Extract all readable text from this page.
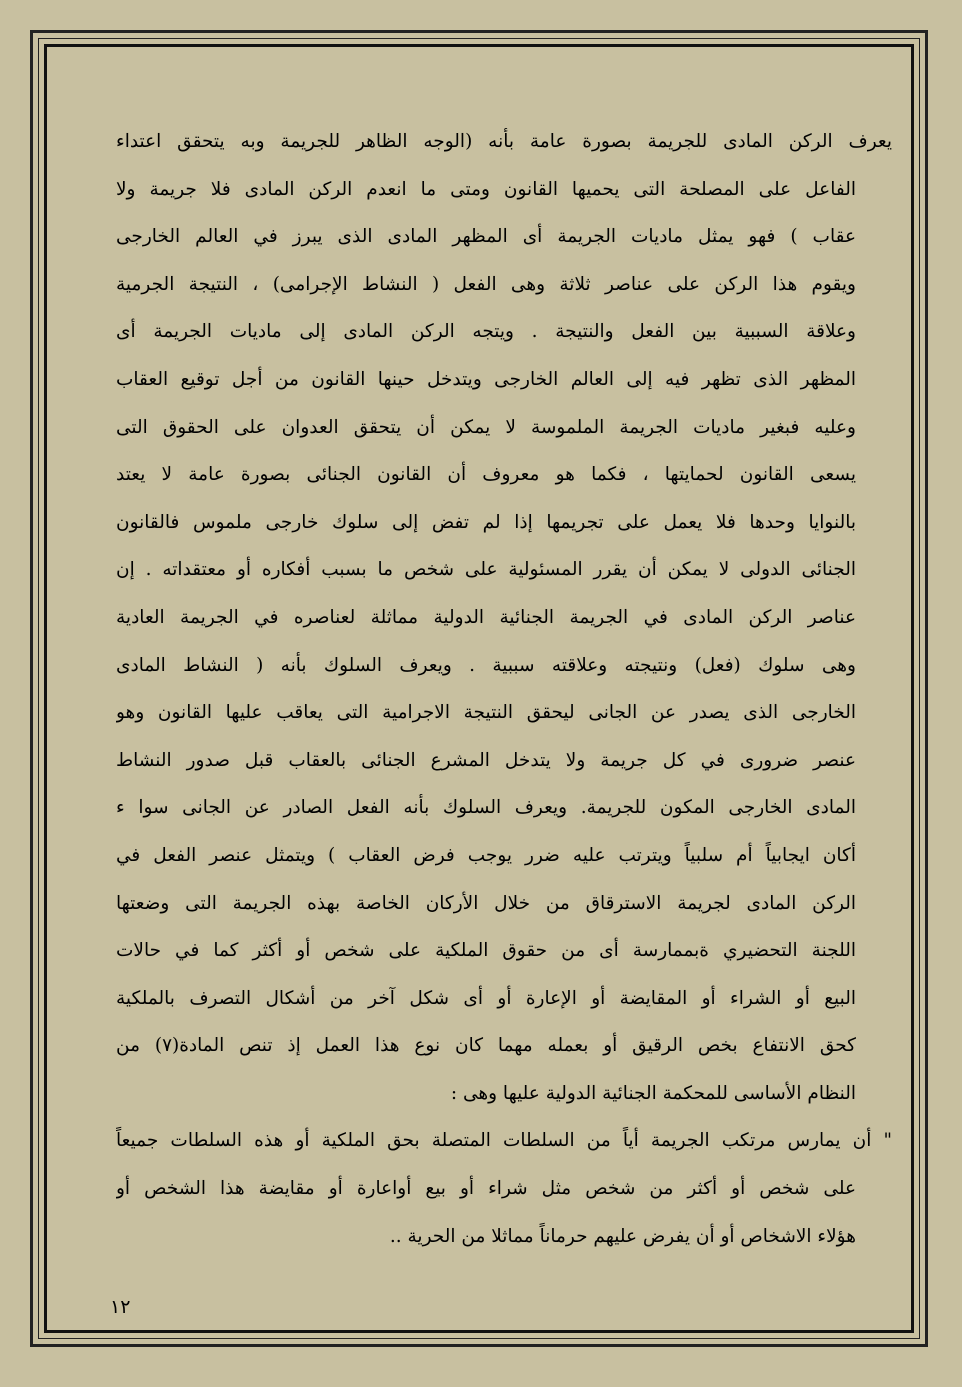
يعرف الركن المادى للجريمة بصورة عامة بأنه (الوجه الظاهر للجريمة وبه يتحقق اعتداء
الفاعل على المصلحة التى يحميها القانون ومتى ما انعدم الركن المادى فلا جريمة ولا
عقاب ) فهو يمثل ماديات الجريمة أى المظهر المادى الذى يبرز في العالم الخارجى
ويقوم هذا الركن على عناصر ثلاثة وهى الفعل ( النشاط الإجرامى) ، النتيجة الجرمية
وعلاقة السببية بين الفعل والنتيجة . ويتجه الركن المادى إلى ماديات الجريمة أى
المظهر الذى تظهر فيه إلى العالم الخارجى ويتدخل حينها القانون من أجل توقيع العقاب
وعليه فبغير ماديات الجريمة الملموسة لا يمكن أن يتحقق العدوان على الحقوق التى
يسعى القانون لحمايتها ، فكما هو معروف أن القانون الجنائى بصورة عامة لا يعتد
بالنوايا وحدها فلا يعمل على تجريمها إذا لم تفض إلى سلوك خارجى ملموس فالقانون
الجنائى الدولى لا يمكن أن يقرر المسئولية على شخص ما بسبب أفكاره أو معتقداته . إن
عناصر الركن المادى في الجريمة الجنائية الدولية مماثلة لعناصره في الجريمة العادية
وهى سلوك (فعل) ونتيجته وعلاقته سببية . ويعرف السلوك بأنه ( النشاط المادى
الخارجى الذى يصدر عن الجانى ليحقق النتيجة الاجرامية التى يعاقب عليها القانون وهو
عنصر ضرورى في كل جريمة ولا يتدخل المشرع الجنائى بالعقاب قبل صدور النشاط
المادى الخارجى المكون للجريمة. ويعرف السلوك بأنه الفعل الصادر عن الجانى سوا ء
أكان ايجابياً أم سلبياً ويترتب عليه ضرر يوجب فرض العقاب ) ويتمثل عنصر الفعل في
الركن المادى لجريمة الاسترقاق من خلال الأركان الخاصة بهذه الجريمة التى وضعتها
اللجنة التحضيري ةبممارسة أى من حقوق الملكية على شخص أو أكثر كما في حالات
البيع أو الشراء أو المقايضة أو الإعارة أو أى شكل آخر من أشكال التصرف بالملكية
كحق الانتفاع بخص الرقيق أو بعمله مهما كان نوع هذا العمل إذ تنص المادة(٧) من
النظام الأساسى للمحكمة الجنائية الدولية عليها وهى :
" أن يمارس مرتكب الجريمة أياً من السلطات المتصلة بحق الملكية أو هذه السلطات جميعاً
على شخص أو أكثر من شخص مثل شراء أو بيع أواعارة أو مقايضة هذا الشخص أو
هؤلاء الاشخاص أو أن يفرض عليهم حرماناً مماثلا من الحرية ..
١٢
